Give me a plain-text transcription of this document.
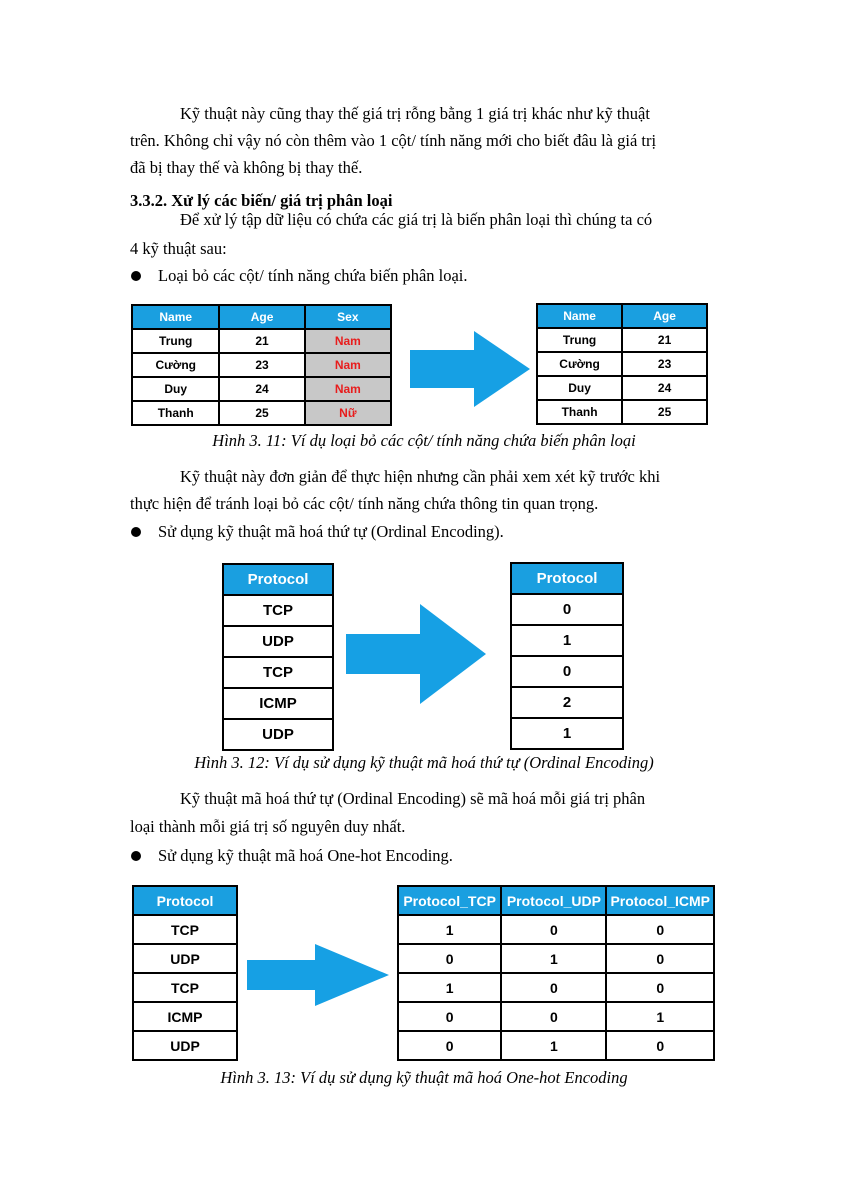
Kỹ thuật này cũng thay thế giá trị rỗng bằng 1 giá trị khác như kỹ thuật
trên. Không chỉ vậy nó còn thêm vào 1 cột/ tính năng mới cho biết đâu là giá trị
đã bị thay thế và không bị thay thế.
3.3.2. Xử lý các biến/ giá trị phân loại
Để xử lý tập dữ liệu có chứa các giá trị là biến phân loại thì chúng ta có
4 kỹ thuật sau:
Loại bỏ các cột/ tính năng chứa biến phân loại.
Name	Age	Sex
Trung	21	Nam
Cường	23	Nam
Duy	24	Nam
Thanh	25	Nữ
Name	Age
Trung	21
Cường	23
Duy	24
Thanh	25
Hình 3. 11: Ví dụ loại bỏ các cột/ tính năng chứa biến phân loại
Kỹ thuật này đơn giản để thực hiện nhưng cần phải xem xét kỹ trước khi
thực hiện để tránh loại bỏ các cột/ tính năng chứa thông tin quan trọng.
Sử dụng kỹ thuật mã hoá thứ tự (Ordinal Encoding).
Protocol
TCP
UDP
TCP
ICMP
UDP
Protocol
0
1
0
2
1
Hình 3. 12: Ví dụ sử dụng kỹ thuật mã hoá thứ tự (Ordinal Encoding)
Kỹ thuật mã hoá thứ tự (Ordinal Encoding) sẽ mã hoá mỗi giá trị phân
loại thành mỗi giá trị số nguyên duy nhất.
Sử dụng kỹ thuật mã hoá One-hot Encoding.
Protocol
TCP
UDP
TCP
ICMP
UDP
Protocol_TCP	Protocol_UDP	Protocol_ICMP
1	0	0
0	1	0
1	0	0
0	0	1
0	1	0
Hình 3. 13: Ví dụ sử dụng kỹ thuật mã hoá One-hot Encoding
